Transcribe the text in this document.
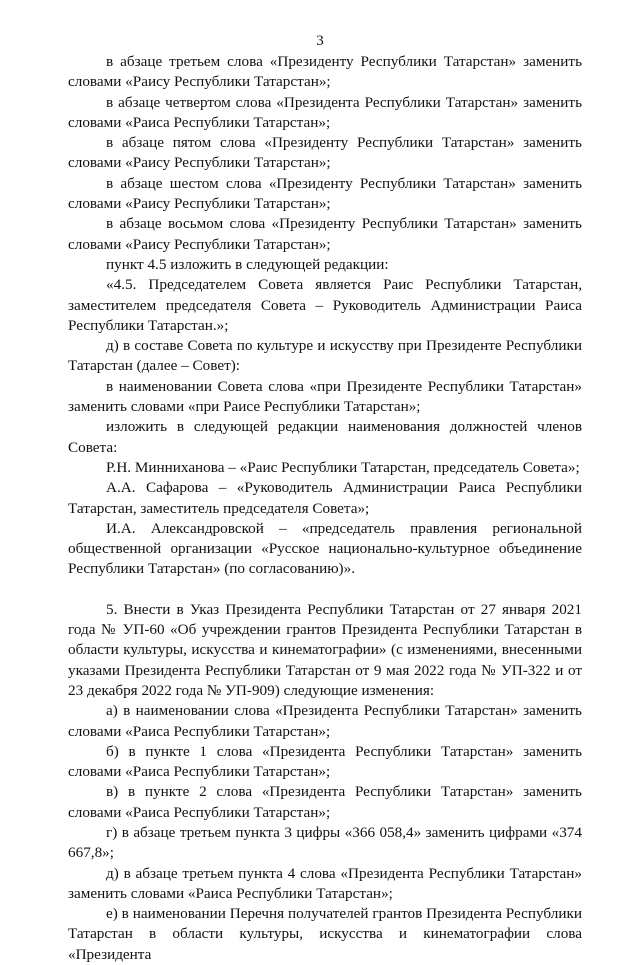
3

в абзаце третьем слова «Президенту Республики Татарстан» заменить словами «Раису Республики Татарстан»;

в абзаце четвертом слова «Президента Республики Татарстан» заменить словами «Раиса Республики Татарстан»;

в абзаце пятом слова «Президенту Республики Татарстан» заменить словами «Раису Республики Татарстан»;

в абзаце шестом слова «Президенту Республики Татарстан» заменить словами «Раису Республики Татарстан»;

в абзаце восьмом слова «Президенту Республики Татарстан» заменить словами «Раису Республики Татарстан»;

пункт 4.5 изложить в следующей редакции:

«4.5. Председателем Совета является Раис Республики Татарстан, заместителем председателя Совета – Руководитель Администрации Раиса Республики Татарстан.»;

д) в составе Совета по культуре и искусству при Президенте Республики Татарстан (далее – Совет):

в наименовании Совета слова «при Президенте Республики Татарстан» заменить словами «при Раисе Республики Татарстан»;

изложить в следующей редакции наименования должностей членов Совета:

Р.Н. Минниханова – «Раис Республики Татарстан, председатель Совета»;

А.А. Сафарова – «Руководитель Администрации Раиса Республики Татарстан, заместитель председателя Совета»;

И.А. Александровской – «председатель правления региональной общественной организации «Русское национально-культурное объединение Республики Татарстан» (по согласованию)».

5. Внести в Указ Президента Республики Татарстан от 27 января 2021 года № УП-60 «Об учреждении грантов Президента Республики Татарстан в области культуры, искусства и кинематографии» (с изменениями, внесенными указами Президента Республики Татарстан от 9 мая 2022 года № УП-322 и от 23 декабря 2022 года № УП-909) следующие изменения:

а) в наименовании слова «Президента Республики Татарстан» заменить словами «Раиса Республики Татарстан»;

б) в пункте 1 слова «Президента Республики Татарстан» заменить словами «Раиса Республики Татарстан»;

в) в пункте 2 слова «Президента Республики Татарстан» заменить словами «Раиса Республики Татарстан»;

г) в абзаце третьем пункта 3 цифры «366 058,4» заменить цифрами «374 667,8»;

д) в абзаце третьем пункта 4 слова «Президента Республики Татарстан» заменить словами «Раиса Республики Татарстан»;

е) в наименовании Перечня получателей грантов Президента Республики Татарстан в области культуры, искусства и кинематографии слова «Президента
